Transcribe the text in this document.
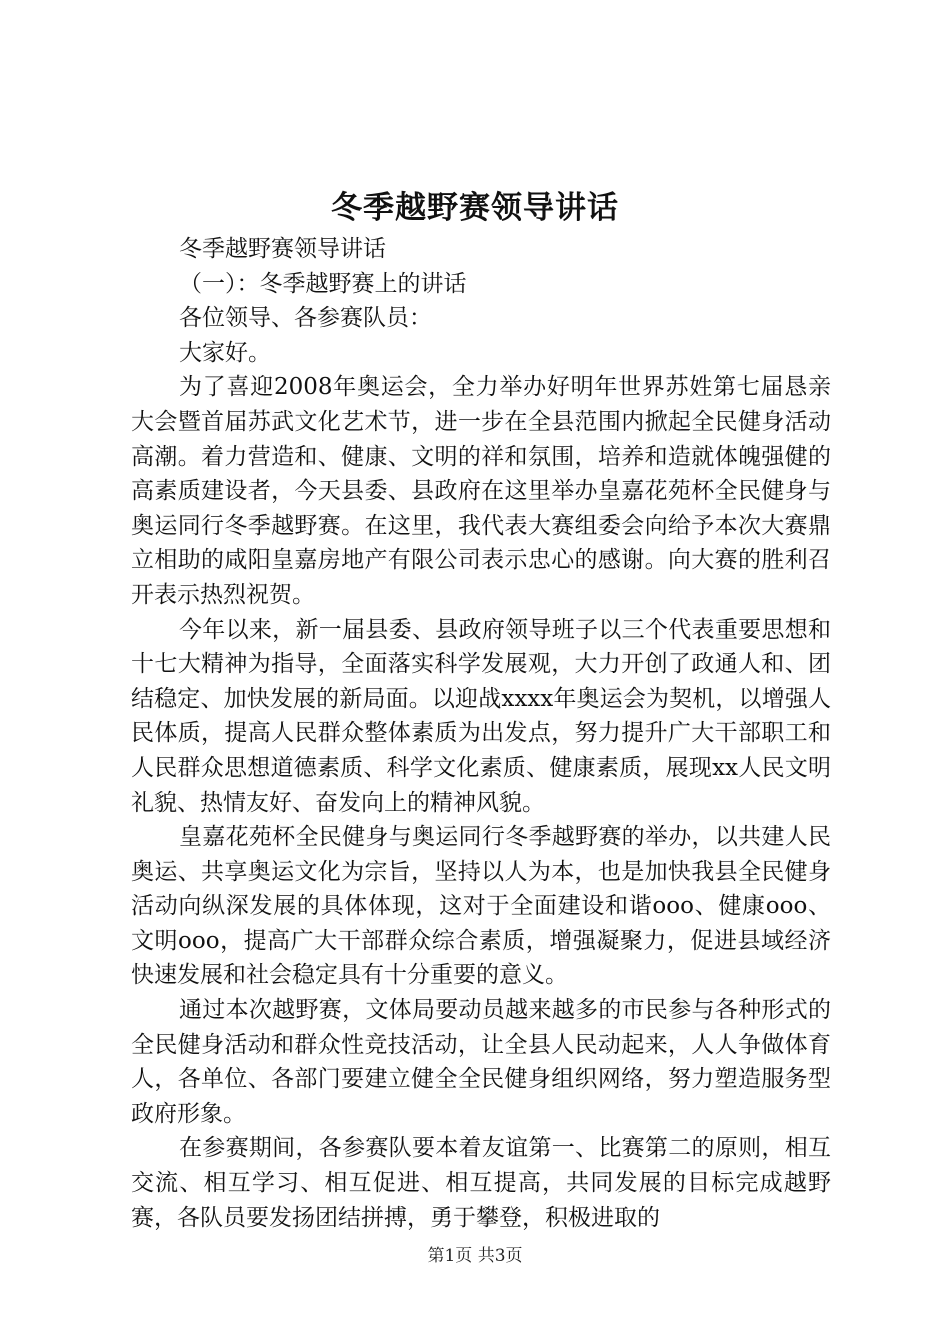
冬季越野赛领导讲话

冬季越野赛领导讲话

（一）：冬季越野赛上的讲话

各位领导、各参赛队员：

大家好。

为了喜迎2008年奥运会，全力举办好明年世界苏姓第七届恳亲大会暨首届苏武文化艺术节，进一步在全县范围内掀起全民健身活动高潮。着力营造和、健康、文明的祥和氛围，培养和造就体魄强健的高素质建设者，今天县委、县政府在这里举办皇嘉花苑杯全民健身与奥运同行冬季越野赛。在这里，我代表大赛组委会向给予本次大赛鼎立相助的咸阳皇嘉房地产有限公司表示忠心的感谢。向大赛的胜利召开表示热烈祝贺。

今年以来，新一届县委、县政府领导班子以三个代表重要思想和十七大精神为指导，全面落实科学发展观，大力开创了政通人和、团结稳定、加快发展的新局面。以迎战xxxx年奥运会为契机，以增强人民体质，提高人民群众整体素质为出发点，努力提升广大干部职工和人民群众思想道德素质、科学文化素质、健康素质，展现xx人民文明礼貌、热情友好、奋发向上的精神风貌。

皇嘉花苑杯全民健身与奥运同行冬季越野赛的举办，以共建人民奥运、共享奥运文化为宗旨，坚持以人为本，也是加快我县全民健身活动向纵深发展的具体体现，这对于全面建设和谐ooo、健康ooo、文明ooo，提高广大干部群众综合素质，增强凝聚力，促进县域经济快速发展和社会稳定具有十分重要的意义。

通过本次越野赛，文体局要动员越来越多的市民参与各种形式的全民健身活动和群众性竞技活动，让全县人民动起来，人人争做体育人，各单位、各部门要建立健全全民健身组织网络，努力塑造服务型政府形象。

在参赛期间，各参赛队要本着友谊第一、比赛第二的原则，相互交流、相互学习、相互促进、相互提高，共同发展的目标完成越野赛，各队员要发扬团结拼搏，勇于攀登，积极进取的

第1页 共3页
